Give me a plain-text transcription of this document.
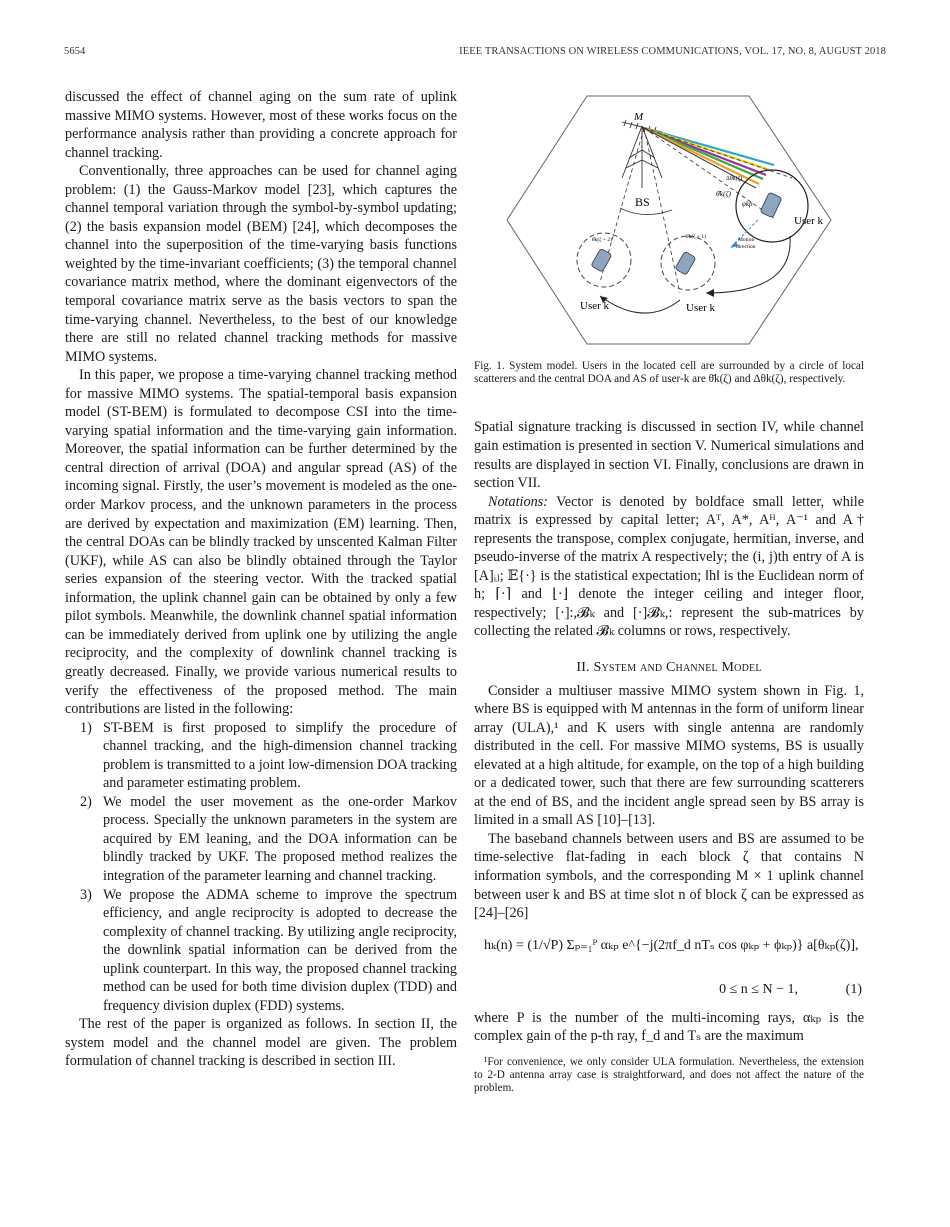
5654	IEEE TRANSACTIONS ON WIRELESS COMMUNICATIONS, VOL. 17, NO. 8, AUGUST 2018

discussed the effect of channel aging on the sum rate of uplink massive MIMO systems. However, most of these works focus on the performance analysis rather than providing a concrete approach for channel tracking.

Conventionally, three approaches can be used for channel aging problem: (1) the Gauss-Markov model [23], which captures the channel temporal variation through the symbol-by-symbol updating; (2) the basis expansion model (BEM) [24], which decomposes the channel into the superposition of the time-varying basis functions weighted by the time-invariant coefficients; (3) the temporal channel covariance matrix method, where the dominant eigenvectors of the temporal covariance matrix serve as the basis vectors to span the time-varying channel. Nevertheless, to the best of our knowledge there are still no related channel tracking methods for massive MIMO systems.

In this paper, we propose a time-varying channel tracking method for massive MIMO systems. The spatial-temporal basis expansion model (ST-BEM) is formulated to decompose CSI into the time-varying spatial information and the time-varying gain information. Moreover, the spatial information can be further determined by the central direction of arrival (DOA) and angular spread (AS) of the incoming signal. Firstly, the user’s movement is modeled as the one-order Markov process, and the unknown parameters in the process are derived by expectation and maximization (EM) learning. Then, the central DOAs can be blindly tracked by unscented Kalman Filter (UKF), while AS can also be blindly obtained through the Taylor series expansion of the steering vector. With the tracked spatial information, the uplink channel gain can be obtained by only a few pilot symbols. Meanwhile, the downlink channel spatial information can be immediately derived from uplink one by utilizing the angle reciprocity, and the complexity of downlink channel tracking is greatly decreased. Finally, we provide various numerical results to verify the effectiveness of the proposed method. The main contributions are listed in the following:

1) ST-BEM is first proposed to simplify the procedure of channel tracking, and the high-dimension channel tracking problem is transmitted to a joint low-dimension DOA tracking and parameter estimating problem.
2) We model the user movement as the one-order Markov process. Specially the unknown parameters in the system are acquired by EM leaning, and the DOA information can be blindly tracked by UKF. The proposed method realizes the integration of the parameter learning and channel tracking.
3) We propose the ADMA scheme to improve the spectrum efficiency, and angle reciprocity is adopted to decrease the complexity of channel tracking. By utilizing angle reciprocity, the downlink spatial information can be derived from the uplink counterpart. In this way, the proposed channel tracking method can be used for both time division duplex (TDD) and frequency division duplex (FDD) systems.

The rest of the paper is organized as follows. In section II, the system model and the channel model are given. The problem formulation of channel tracking is described in section III.

M
BS
User k
User k
User k
Δθk(ζ)
θ̄k(ζ)
φkp
Motion
direction
θ̄k(ζ + 1)
θ̄k(ζ + 2)

Fig. 1. System model. Users in the located cell are surrounded by a circle of local scatterers and the central DOA and AS of user-k are θ̄k(ζ) and Δθk(ζ), respectively.

Spatial signature tracking is discussed in section IV, while channel gain estimation is presented in section V. Numerical simulations and results are displayed in section VI. Finally, conclusions are drawn in section VII.

Notations: Vector is denoted by boldface small letter, while matrix is expressed by capital letter; Aᵀ, A*, Aᴴ, A⁻¹ and A† represents the transpose, complex conjugate, hermitian, inverse, and pseudo-inverse of the matrix A respectively; the (i, j)th entry of A is [A]ᵢⱼ; 𝔼{·} is the statistical expectation; ‖h‖ is the Euclidean norm of h; ⌈·⌉ and ⌊·⌋ denote the integer ceiling and integer floor, respectively; [·]:,𝓑ₖ and [·]𝓑ₖ,: represent the sub-matrices by collecting the related 𝓑ₖ columns or rows, respectively.

II. System and Channel Model

Consider a multiuser massive MIMO system shown in Fig. 1, where BS is equipped with M antennas in the form of uniform linear array (ULA),¹ and K users with single antenna are randomly distributed in the cell. For massive MIMO systems, BS is usually elevated at a high altitude, for example, on the top of a high building or a dedicated tower, such that there are few surrounding scatterers at the end of BS, and the incident angle spread seen by BS array is limited in a small AS [10]–[13].

The baseband channels between users and BS are assumed to be time-selective flat-fading in each block ζ that contains N information symbols, and the corresponding M × 1 uplink channel between user k and BS at time slot n of block ζ can be expressed as [24]–[26]

hₖ(n) = (1/√P) Σₚ₌₁ᴾ αₖₚ e^{−j(2πf_d nTₛ cos φₖₚ + ϕₖₚ)} a[θₖₚ(ζ)],
0 ≤ n ≤ N − 1,	(1)

where P is the number of the multi-incoming rays, αₖₚ is the complex gain of the p-th ray, f_d and Tₛ are the maximum

¹For convenience, we only consider ULA formulation. Nevertheless, the extension to 2-D antenna array case is straightforward, and does not affect the nature of the problem.
